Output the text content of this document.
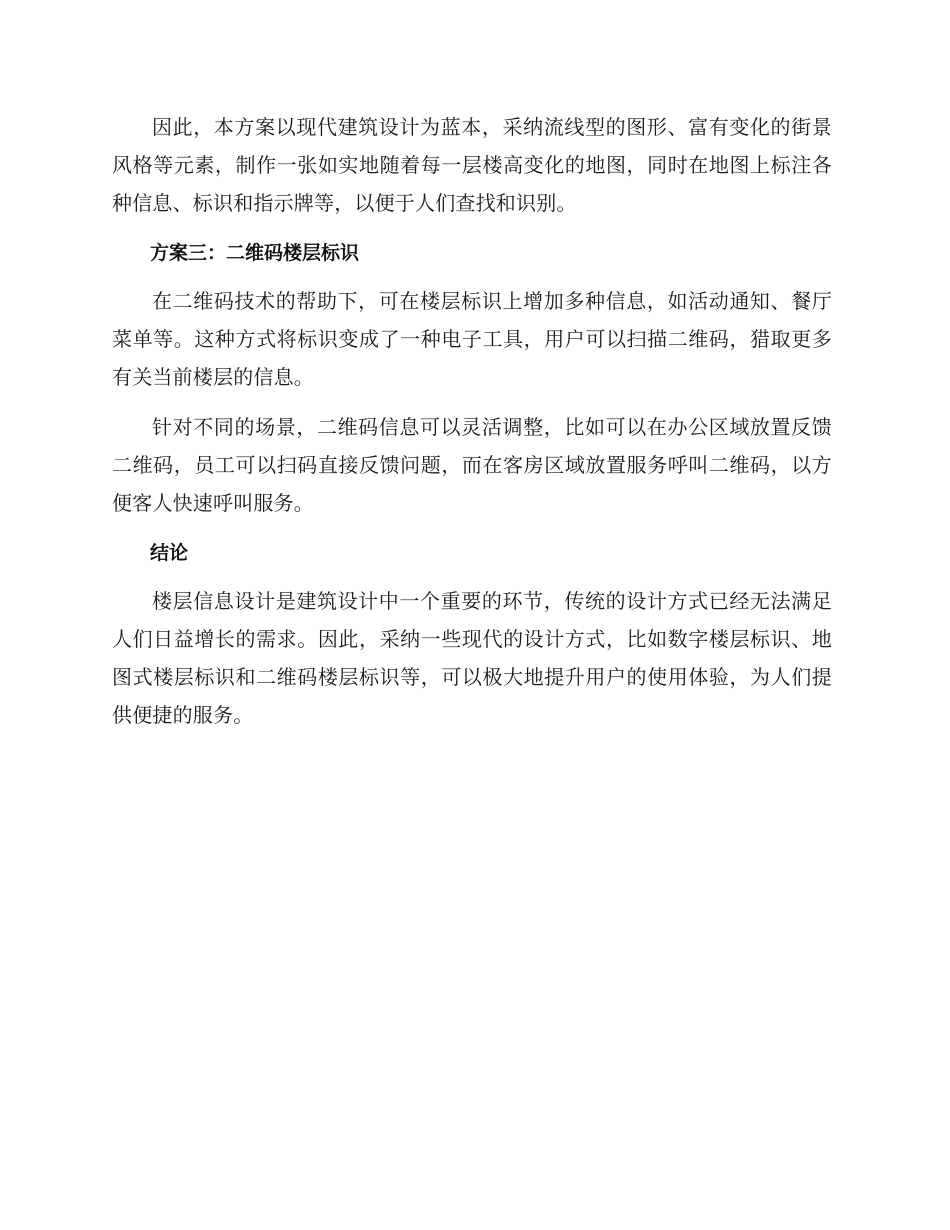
因此，本方案以现代建筑设计为蓝本，采纳流线型的图形、富有变化的街景风格等元素，制作一张如实地随着每一层楼高变化的地图，同时在地图上标注各种信息、标识和指示牌等，以便于人们查找和识别。

方案三：二维码楼层标识

在二维码技术的帮助下，可在楼层标识上增加多种信息，如活动通知、餐厅菜单等。这种方式将标识变成了一种电子工具，用户可以扫描二维码，猎取更多有关当前楼层的信息。

针对不同的场景，二维码信息可以灵活调整，比如可以在办公区域放置反馈二维码，员工可以扫码直接反馈问题，而在客房区域放置服务呼叫二维码，以方便客人快速呼叫服务。

结论

楼层信息设计是建筑设计中一个重要的环节，传统的设计方式已经无法满足人们日益增长的需求。因此，采纳一些现代的设计方式，比如数字楼层标识、地图式楼层标识和二维码楼层标识等，可以极大地提升用户的使用体验，为人们提供便捷的服务。
